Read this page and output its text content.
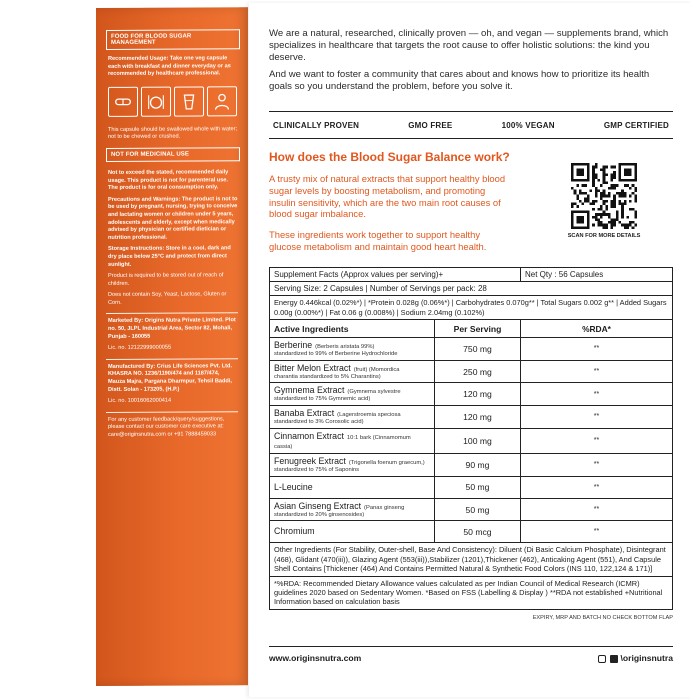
FOOD FOR BLOOD SUGAR MANAGEMENT
Recommended Usage: Take one veg capsule each with breakfast and dinner everyday or as recommended by healthcare professional.
This capsule should be swallowed whole with water; not to be chewed or crushed.
NOT FOR MEDICINAL USE
Not to exceed the stated, recommended daily usage. This product is not for parenteral use. The product is for oral consumption only.
Precautions and Warnings: The product is not to be used by pregnant, nursing, trying to conceive and lactating women or children under 5 years, adolescents and elderly, except when medically advised by physician or certified dietician or nutrition professional.
Storage Instructions: Store in a cool, dark and dry place below 25°C and protect from direct sunlight.
Product is required to be stored out of reach of children.
Does not contain Soy, Yeast, Lactose, Gluten or Corn.
Marketed By: Origins Nutra Private Limited. Plot no. 50, JLPL Industrial Area, Sector 82, Mohali, Punjab - 160055
Lic. no. 12122999000055
Manufactured By: Crius Life Sciences Pvt. Ltd. KHASRA NO. 1236/1190/474 and 1187/474, Mauza Majra, Pargana Dharmpur, Tehsil Baddi, Distt. Solan - 173205, (H.P.)
Lic. no. 10016062000414
For any customer feedback/query/suggestions, please contact our customer care executive at: care@originsnutra.com or +91 7888459033

We are a natural, researched, clinically proven — oh, and vegan — supplements brand, which specializes in healthcare that targets the root cause to offer holistic solutions: the kind you deserve.

And we want to foster a community that cares about and knows how to prioritize its health goals so you understand the problem, before you solve it.

CLINICALLY PROVEN	GMO FREE	100% VEGAN	GMP CERTIFIED
How does the Blood Sugar Balance work?
A trusty mix of natural extracts that support healthy blood sugar levels by boosting metabolism, and promoting insulin sensitivity, which are the two main root causes of blood sugar imbalance.
These ingredients work together to support healthy glucose metabolism and maintain good heart health.
SCAN FOR MORE DETAILS
Supplement Facts (Approx values per serving)+	Net Qty : 56 Capsules
Serving Size: 2 Capsules | Number of Servings per pack: 28
Energy 0.446kcal (0.02%*) | *Protein 0.028g (0.06%*) | Carbohydrates 0.070g** | Total Sugars 0.002 g** | Added Sugars 0.00g (0.00%*) | Fat 0.06 g (0.008%) | Sodium 2.04mg (0.102%)
Active Ingredients	Per Serving	%RDA*
Berberine (Berberis aristata 99%)
standardized to 99% of Berberine Hydrochloride	750 mg	**
Bitter Melon Extract (fruit) (Momordica
charantia standardized to 5% Charantins)	250 mg	**
Gymnema Extract (Gymnema sylvestre
standardized to 75% Gymnemic acid)	120 mg	**
Banaba Extract (Lagerstroemia speciosa
standardized to 3% Corosolic acid)	120 mg	**
Cinnamon Extract 10:1 bark (Cinnamomum cassia)
100 mg	**
Fenugreek Extract (Trigonella foenum graecum,)
standardized to 75% of Saponins	90 mg	**
L-Leucine	50 mg	**
Asian Ginseng Extract (Panax ginseng
standardized to 20% ginsenosides)	50 mg	**
Chromium	50 mcg	**
Other Ingredients (For Stability, Outer-shell, Base And Consistency): Diluent (Di Basic Calcium Phosphate), Disintegrant (468), Glidant (470(iii)), Glazing Agent (553(iii)),Stabilizer (1201),Thickener (462), Anticaking Agent (551), And Capsule Shell Contains [Thickener (464) And Contains Permitted Natural & Synthetic Food Colors (INS 110, 122,124 & 171)]
*%RDA: Recommended Dietary Allowance values calculated as per Indian Council of Medical Research (ICMR) guidelines 2020 based on Sedentary Women. *Based on FSS (Labelling & Display ) **RDA not established +Nutritional Information based on calculation basis
EXPIRY, MRP AND BATCH NO CHECK BOTTOM FLAP
www.originsnutra.com	\originsnutra
